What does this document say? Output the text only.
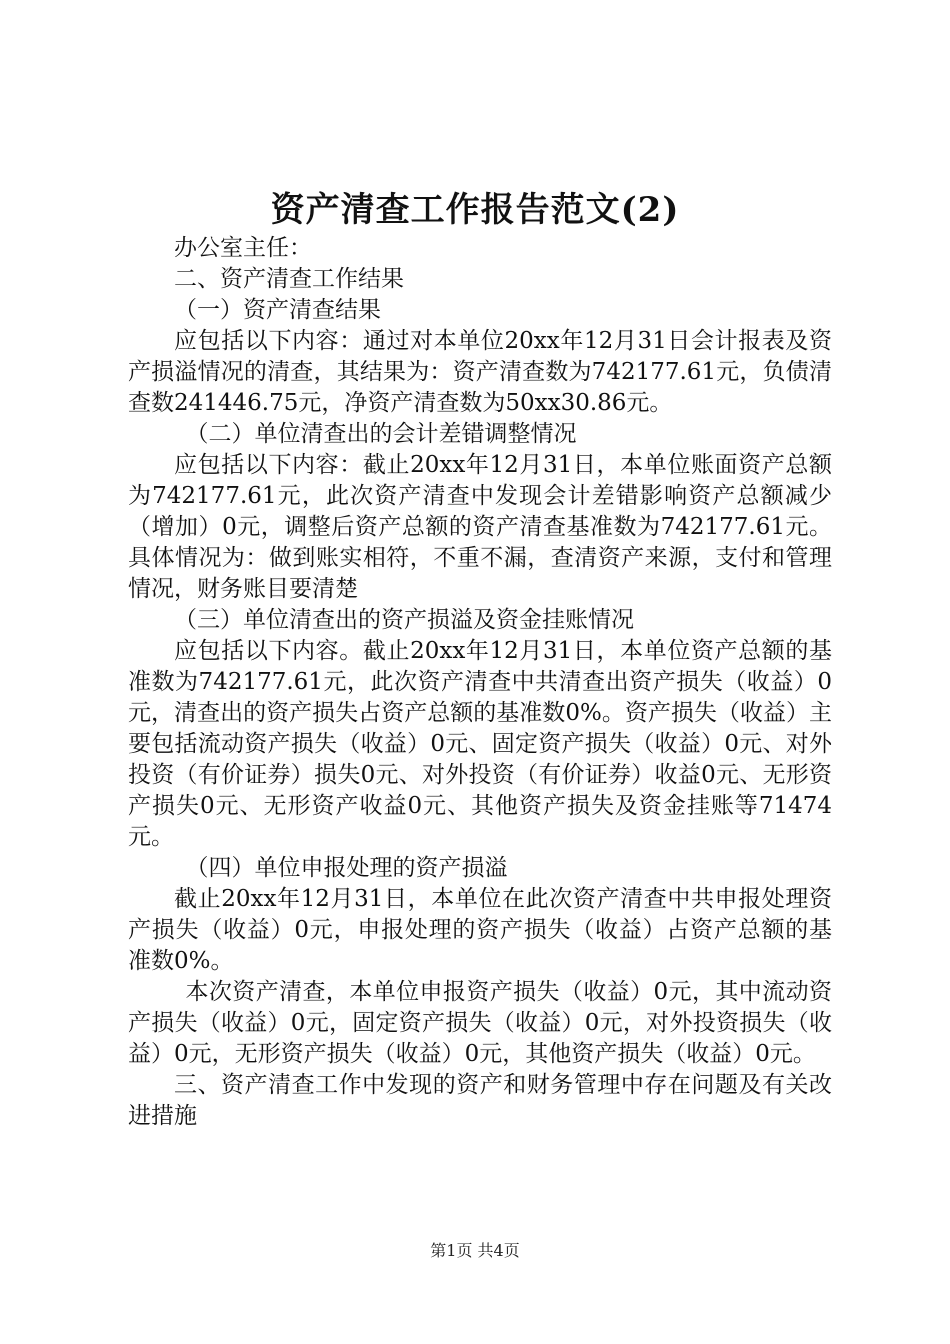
资产清查工作报告范文(2)

办公室主任：

二、资产清查工作结果

（一）资产清查结果

应包括以下内容：通过对本单位20xx年12月31日会计报表及资产损溢情况的清查，其结果为：资产清查数为742177.61元，负债清查数241446.75元，净资产清查数为50xx30.86元。

（二）单位清查出的会计差错调整情况

应包括以下内容：截止20xx年12月31日，本单位账面资产总额为742177.61元，此次资产清查中发现会计差错影响资产总额减少（增加）0元，调整后资产总额的资产清查基准数为742177.61元。具体情况为：做到账实相符，不重不漏，查清资产来源，支付和管理情况，财务账目要清楚

（三）单位清查出的资产损溢及资金挂账情况

应包括以下内容。截止20xx年12月31日，本单位资产总额的基准数为742177.61元，此次资产清查中共清查出资产损失（收益）0元，清查出的资产损失占资产总额的基准数0%。资产损失（收益）主要包括流动资产损失（收益）0元、固定资产损失（收益）0元、对外投资（有价证券）损失0元、对外投资（有价证券）收益0元、无形资产损失0元、无形资产收益0元、其他资产损失及资金挂账等71474元。

（四）单位申报处理的资产损溢

截止20xx年12月31日，本单位在此次资产清查中共申报处理资产损失（收益）0元，申报处理的资产损失（收益）占资产总额的基准数0%。

本次资产清查，本单位申报资产损失（收益）0元，其中流动资产损失（收益）0元，固定资产损失（收益）0元，对外投资损失（收益）0元，无形资产损失（收益）0元，其他资产损失（收益）0元。

三、资产清查工作中发现的资产和财务管理中存在问题及有关改进措施

第1页 共4页
